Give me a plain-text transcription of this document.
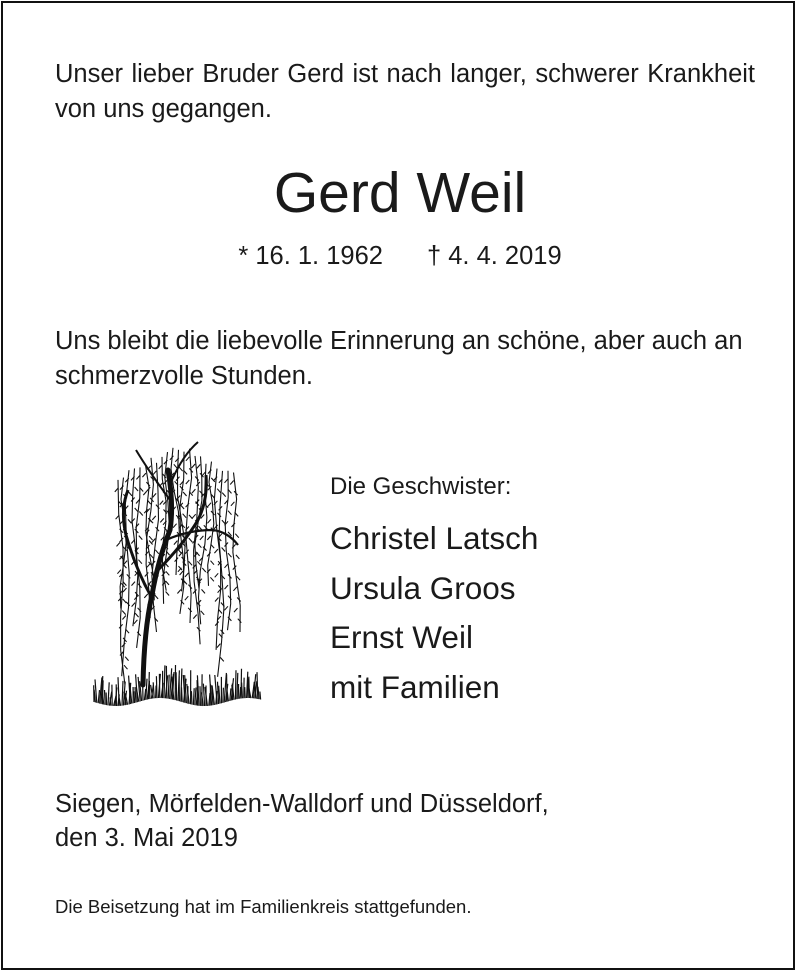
Unser lieber Bruder Gerd ist nach langer, schwerer Krankheit von uns gegangen.
Gerd Weil
* 16. 1. 1962 † 4. 4. 2019
Uns bleibt die liebevolle Erinnerung an schöne, aber auch an schmerzvolle Stunden.
Die Geschwister:
Christel Latsch
Ursula Groos
Ernst Weil
mit Familien
Siegen, Mörfelden-Walldorf und Düsseldorf,
den 3. Mai 2019
Die Beisetzung hat im Familienkreis stattgefunden.
